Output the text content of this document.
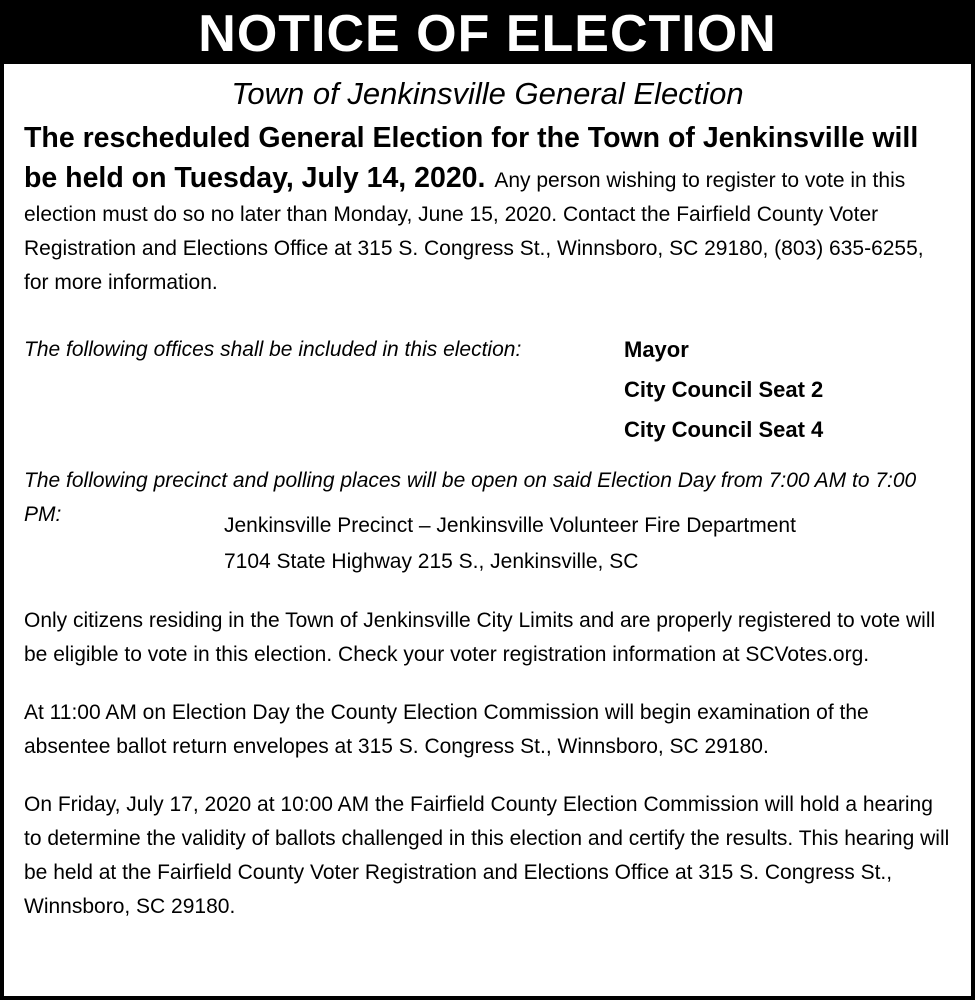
NOTICE OF ELECTION
Town of Jenkinsville General Election
The rescheduled General Election for the Town of Jenkinsville will be held on Tuesday, July 14, 2020. Any person wishing to register to vote in this election must do so no later than Monday, June 15, 2020. Contact the Fairfield County Voter Registration and Elections Office at 315 S. Congress St., Winnsboro, SC 29180, (803) 635-6255, for more information.
The following offices shall be included in this election:	Mayor
City Council Seat 2
City Council Seat 4

The following precinct and polling places will be open on said Election Day from 7:00 AM to 7:00 PM:	Jenkinsville Precinct – Jenkinsville Volunteer Fire Department
7104 State Highway 215 S., Jenkinsville, SC

Only citizens residing in the Town of Jenkinsville City Limits and are properly registered to vote will be eligible to vote in this election. Check your voter registration information at SCVotes.org.

At 11:00 AM on Election Day the County Election Commission will begin examination of the absentee ballot return envelopes at 315 S. Congress St., Winnsboro, SC 29180.

On Friday, July 17, 2020 at 10:00 AM the Fairfield County Election Commission will hold a hearing to determine the validity of ballots challenged in this election and certify the results. This hearing will be held at the Fairfield County Voter Registration and Elections Office at 315 S. Congress St., Winnsboro, SC 29180.
